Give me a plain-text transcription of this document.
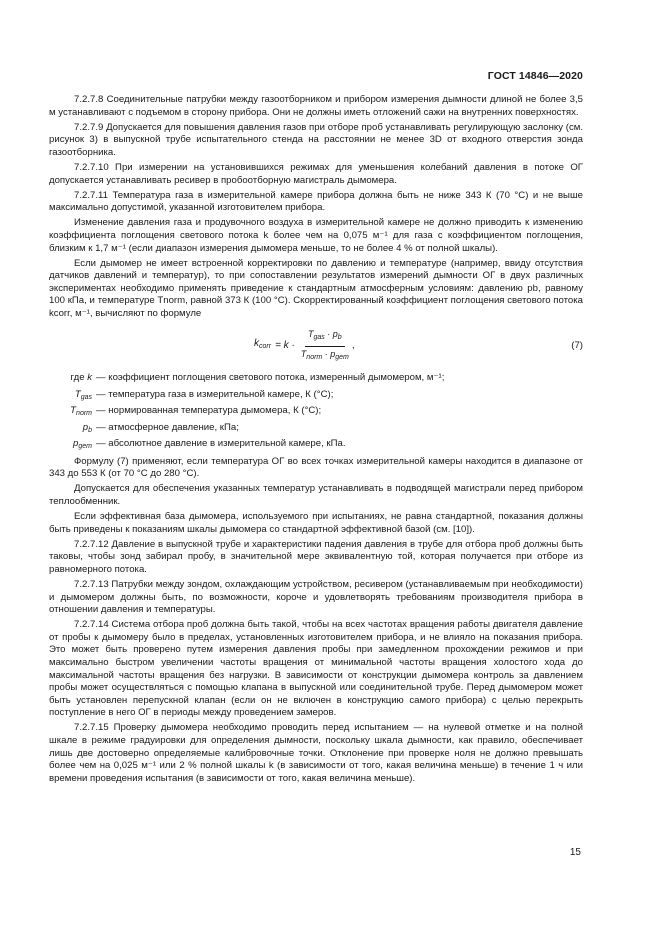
ГОСТ 14846—2020

7.2.7.8 Соединительные патрубки между газоотборником и прибором измерения дымности длиной не более 3,5 м устанавливают с подъемом в сторону прибора. Они не должны иметь отложений сажи на внутренних поверхностях.

7.2.7.9 Допускается для повышения давления газов при отборе проб устанавливать регулирующую заслонку (см. рисунок 3) в выпускной трубе испытательного стенда на расстоянии не менее 3D от входного отверстия зонда газоотборника.

7.2.7.10 При измерении на установившихся режимах для уменьшения колебаний давления в потоке ОГ допускается устанавливать ресивер в пробоотборную магистраль дымомера.

7.2.7.11 Температура газа в измерительной камере прибора должна быть не ниже 343 К (70 °С) и не выше максимально допустимой, указанной изготовителем прибора.

Изменение давления газа и продувочного воздуха в измерительной камере не должно приводить к изменению коэффициента поглощения светового потока k более чем на 0,075 м⁻¹ для газа с коэффициентом поглощения, близким к 1,7 м⁻¹ (если диапазон измерения дымомера меньше, то не более 4 % от полной шкалы).

Если дымомер не имеет встроенной корректировки по давлению и температуре (например, ввиду отсутствия датчиков давлений и температур), то при сопоставлении результатов измерений дымности ОГ в двух различных экспериментах необходимо применять приведение к стандартным атмосферным условиям: давлению pb, равному 100 кПа, и температуре Tnorm, равной 373 К (100 °С). Скорректированный коэффициент поглощения светового потока kcorr, м⁻¹, вычисляют по формуле

$k_{corr} = k \cdot \frac{T_{gas} \cdot p_b}{T_{norm} \cdot p_{gem}}$ ,	(7)
где k — коэффициент поглощения светового потока, измеренный дымомером, м⁻¹;
$T_{gas}$ — температура газа в измерительной камере, К (°С);
$T_{norm}$ — нормированная температура дымомера, К (°С);
$p_b$ — атмосферное давление, кПа;
$p_{gem}$ — абсолютное давление в измерительной камере, кПа.

Формулу (7) применяют, если температура ОГ во всех точках измерительной камеры находится в диапазоне от 343 до 553 К (от 70 °С до 280 °С).

Допускается для обеспечения указанных температур устанавливать в подводящей магистрали перед прибором теплообменник.

Если эффективная база дымомера, используемого при испытаниях, не равна стандартной, показания должны быть приведены к показаниям шкалы дымомера со стандартной эффективной базой (см. [10]).

7.2.7.12 Давление в выпускной трубе и характеристики падения давления в трубе для отбора проб должны быть таковы, чтобы зонд забирал пробу, в значительной мере эквивалентную той, которая получается при отборе из равномерного потока.

7.2.7.13 Патрубки между зондом, охлаждающим устройством, ресивером (устанавливаемым при необходимости) и дымомером должны быть, по возможности, короче и удовлетворять требованиям производителя прибора в отношении давления и температуры.

7.2.7.14 Система отбора проб должна быть такой, чтобы на всех частотах вращения работы двигателя давление от пробы к дымомеру было в пределах, установленных изготовителем прибора, и не влияло на показания прибора. Это может быть проверено путем измерения давления пробы при замедленном прохождении режимов и при максимально быстром увеличении частоты вращения от минимальной частоты вращения холостого хода до максимальной частоты вращения без нагрузки. В зависимости от конструкции дымомера контроль за давлением пробы может осуществляться с помощью клапана в выпускной или соединительной трубе. Перед дымомером может быть установлен перепускной клапан (если он не включен в конструкцию самого прибора) с целью перекрыть поступление в него ОГ в периоды между проведением замеров.

7.2.7.15 Проверку дымомера необходимо проводить перед испытанием — на нулевой отметке и на полной шкале в режиме градуировки для определения дымности, поскольку шкала дымности, как правило, обеспечивает лишь две достоверно определяемые калибровочные точки. Отклонение при проверке ноля не должно превышать более чем на 0,025 м⁻¹ или 2 % полной шкалы k (в зависимости от того, какая величина меньше) в течение 1 ч или времени проведения испытания (в зависимости от того, какая величина меньше).

15
